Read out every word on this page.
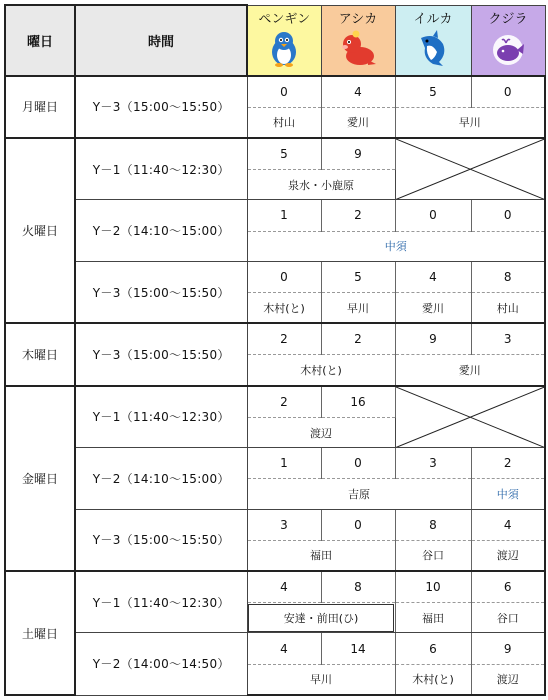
曜日	時間	ペンギン	アシカ	イルカ	クジラ

月曜日	Y－3（15:00～15:50）	0	4	5	0
		村山	愛川	早川	
火曜日	Y－1（11:40～12:30）	5	9	

		泉水・小鹿原			
	Y－2（14:10～15:00）	1	2	0	0
		中須			
	Y－3（15:00～15:50）	0	5	4	8
		木村(と)	早川	愛川	村山
木曜日	Y－3（15:00～15:50）	2	2	9	3
		木村(と)		愛川	
金曜日	Y－1（11:40～12:30）	2	16	

		渡辺			
	Y－2（14:10～15:00）	1	0	3	2
		吉原			中須
	Y－3（15:00～15:50）	3	0	8	4
		福田		谷口	渡辺
土曜日	Y－1（11:40～12:30）	4	8	10	6
		安達・前田(ひ)		福田	谷口
	Y－2（14:00～14:50）	4	14	6	9
		早川		木村(と)	渡辺
